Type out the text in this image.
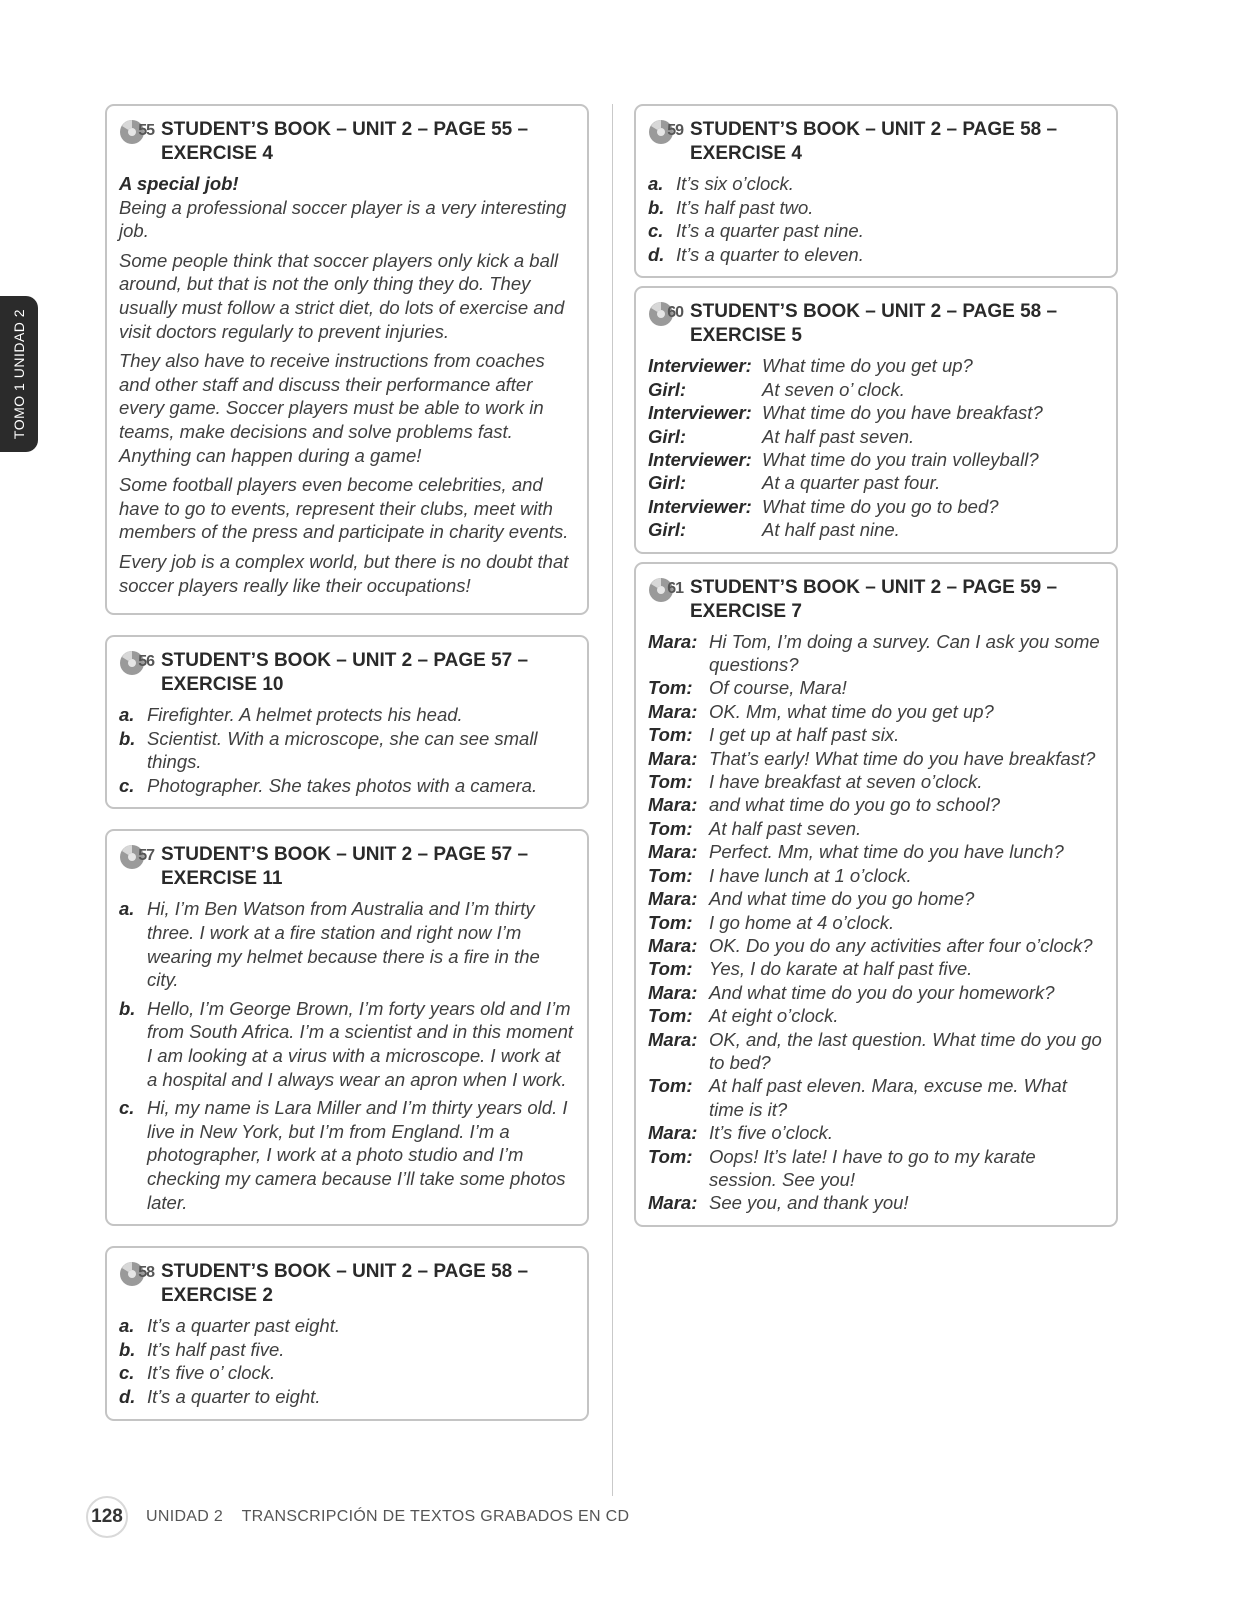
TOMO 1 UNIDAD 2
55 STUDENT’S BOOK – UNIT 2 – PAGE 55 – EXERCISE 4

A special job!

Being a professional soccer player is a very interesting job.

Some people think that soccer players only kick a ball around, but that is not the only thing they do. They usually must follow a strict diet, do lots of exercise and visit doctors regularly to prevent injuries.

They also have to receive instructions from coaches and other staff and discuss their performance after every game. Soccer players must be able to work in teams, make decisions and solve problems fast. Anything can happen during a game!

Some football players even become celebrities, and have to go to events, represent their clubs, meet with members of the press and participate in charity events.

Every job is a complex world, but there is no doubt that soccer players really like their occupations!

56 STUDENT’S BOOK – UNIT 2 – PAGE 57 – EXERCISE 10
a. Firefighter. A helmet protects his head.
b. Scientist. With a microscope, she can see small things.
c. Photographer. She takes photos with a camera.
57 STUDENT’S BOOK – UNIT 2 – PAGE 57 – EXERCISE 11
a. Hi, I’m Ben Watson from Australia and I’m thirty three. I work at a fire station and right now I’m wearing my helmet because there is a fire in the city.
b. Hello, I’m George Brown, I’m forty years old and I’m from South Africa. I’m a scientist and in this moment I am looking at a virus with a microscope. I work at a hospital and I always wear an apron when I work.
c. Hi, my name is Lara Miller and I’m thirty years old. I live in New York, but I’m from England. I’m a photographer, I work at a photo studio and I’m checking my camera because I’ll take some photos later.
58 STUDENT’S BOOK – UNIT 2 – PAGE 58 – EXERCISE 2
a. It’s a quarter past eight.
b. It’s half past five.
c. It’s five o’ clock.
d. It’s a quarter to eight.
59 STUDENT’S BOOK – UNIT 2 – PAGE 58 – EXERCISE 4
a. It’s six o’clock.
b. It’s half past two.
c. It’s a quarter past nine.
d. It’s a quarter to eleven.
60 STUDENT’S BOOK – UNIT 2 – PAGE 58 – EXERCISE 5
Interviewer: What time do you get up?
Girl:	At seven o’ clock.
Interviewer: What time do you have breakfast?
Girl:	At half past seven.
Interviewer: What time do you train volleyball?
Girl:	At a quarter past four.
Interviewer: What time do you go to bed?
Girl:	At half past nine.
61 STUDENT’S BOOK – UNIT 2 – PAGE 59 – EXERCISE 7
Mara: Hi Tom, I’m doing a survey. Can I ask you some questions?
Tom: Of course, Mara!
Mara: OK. Mm, what time do you get up?
Tom: I get up at half past six.
Mara: That’s early! What time do you have breakfast?
Tom: I have breakfast at seven o’clock.
Mara: and what time do you go to school?
Tom: At half past seven.
Mara: Perfect. Mm, what time do you have lunch?
Tom: I have lunch at 1 o’clock.
Mara: And what time do you go home?
Tom: I go home at 4 o’clock.
Mara: OK. Do you do any activities after four o’clock?
Tom: Yes, I do karate at half past five.
Mara: And what time do you do your homework?
Tom: At eight o’clock.
Mara: OK, and, the last question. What time do you go to bed?
Tom: At half past eleven. Mara, excuse me. What time is it?
Mara: It’s five o’clock.
Tom: Oops! It’s late! I have to go to my karate session. See you!
Mara: See you, and thank you!
128	UNIDAD 2 TRANSCRIPCIÓN DE TEXTOS GRABADOS EN CD
